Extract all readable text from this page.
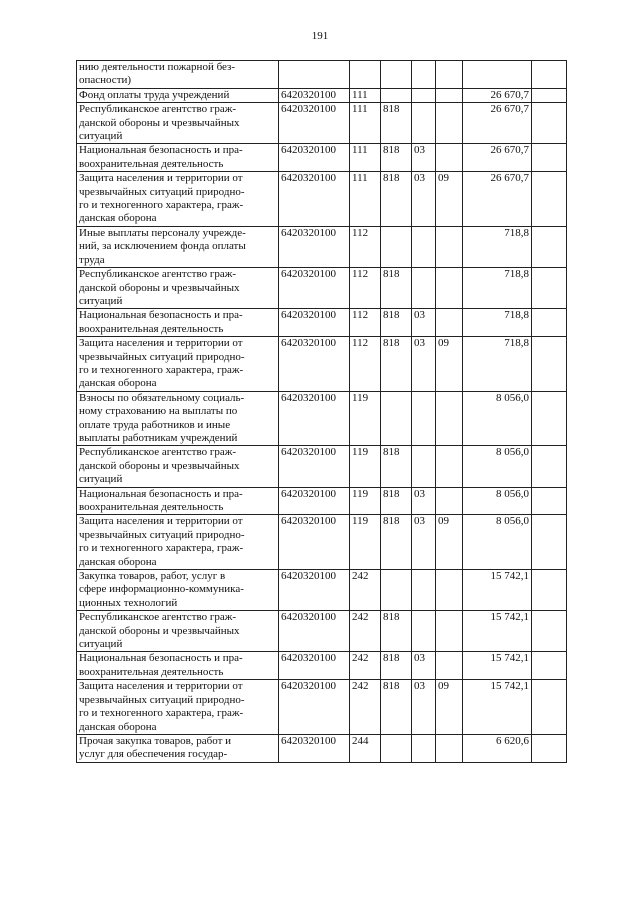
191
нию деятельности пожарной без-
опасности)							
Фонд оплаты труда учреждений	6420320100	111				26 670,7	
Республиканское агентство граж-
данской обороны и чрезвычайных
ситуаций	6420320100	111	818			26 670,7	
Национальная безопасность и пра-
воохранительная деятельность	6420320100	111	818	03		26 670,7	
Защита населения и территории от
чрезвычайных ситуаций природно-
го и техногенного характера, граж-
данская оборона	6420320100	111	818	03	09	26 670,7	
Иные выплаты персоналу учрежде-
ний, за исключением фонда оплаты
труда	6420320100	112				718,8	
Республиканское агентство граж-
данской обороны и чрезвычайных
ситуаций	6420320100	112	818			718,8	
Национальная безопасность и пра-
воохранительная деятельность	6420320100	112	818	03		718,8	
Защита населения и территории от
чрезвычайных ситуаций природно-
го и техногенного характера, граж-
данская оборона	6420320100	112	818	03	09	718,8	
Взносы по обязательному социаль-
ному страхованию на выплаты по
оплате труда работников и иные
выплаты работникам учреждений	6420320100	119				8 056,0	
Республиканское агентство граж-
данской обороны и чрезвычайных
ситуаций	6420320100	119	818			8 056,0	
Национальная безопасность и пра-
воохранительная деятельность	6420320100	119	818	03		8 056,0	
Защита населения и территории от
чрезвычайных ситуаций природно-
го и техногенного характера, граж-
данская оборона	6420320100	119	818	03	09	8 056,0	
Закупка товаров, работ, услуг в
сфере информационно-коммуника-
ционных технологий	6420320100	242				15 742,1	
Республиканское агентство граж-
данской обороны и чрезвычайных
ситуаций	6420320100	242	818			15 742,1	
Национальная безопасность и пра-
воохранительная деятельность	6420320100	242	818	03		15 742,1	
Защита населения и территории от
чрезвычайных ситуаций природно-
го и техногенного характера, граж-
данская оборона	6420320100	242	818	03	09	15 742,1	
Прочая закупка товаров, работ и
услуг для обеспечения государ-	6420320100	244				6 620,6	
